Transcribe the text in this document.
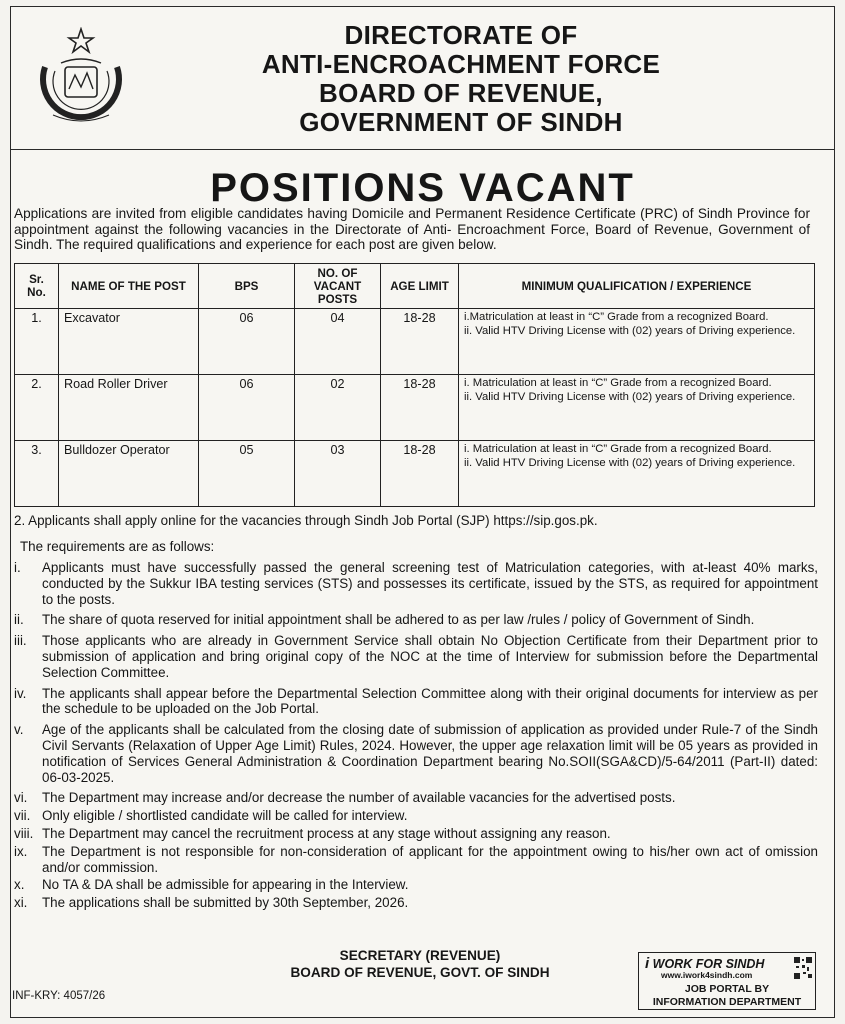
DIRECTORATE OF
ANTI-ENCROACHMENT FORCE
BOARD OF REVENUE,
GOVERNMENT OF SINDH
POSITIONS VACANT
Applications are invited from eligible candidates having Domicile and Permanent Residence Certificate (PRC) of Sindh Province for appointment against the following vacancies in the Directorate of Anti- Encroachment Force, Board of Revenue, Government of Sindh. The required qualifications and experience for each post are given below.
Sr. No.	NAME OF THE POST	BPS	NO. OF VACANT POSTS	AGE LIMIT	MINIMUM QUALIFICATION / EXPERIENCE
1.	Excavator	06	04	18-28	i.Matriculation at least in “C” Grade from a recognized Board.
ii. Valid HTV Driving License with (02) years of Driving experience.

2.	Road Roller Driver	06	02	18-28	i. Matriculation at least in “C” Grade from a recognized Board.
ii. Valid HTV Driving License with (02) years of Driving experience.

3.	Bulldozer Operator	05	03	18-28	i. Matriculation at least in “C” Grade from a recognized Board.
ii. Valid HTV Driving License with (02) years of Driving experience.
2. Applicants shall apply online for the vacancies through Sindh Job Portal (SJP) https://sip.gos.pk.
The requirements are as follows:
i.	Applicants must have successfully passed the general screening test of Matriculation categories, with at-least 40% marks, conducted by the Sukkur IBA testing services (STS) and possesses its certificate, issued by the STS, as required for appointment to the posts.
ii.	The share of quota reserved for initial appointment shall be adhered to as per law /rules / policy of Government of Sindh.
iii.	Those applicants who are already in Government Service shall obtain No Objection Certificate from their Department prior to submission of application and bring original copy of the NOC at the time of Interview for submission before the Departmental Selection Committee.
iv.	The applicants shall appear before the Departmental Selection Committee along with their original documents for interview as per the schedule to be uploaded on the Job Portal.
v.	Age of the applicants shall be calculated from the closing date of submission of application as provided under Rule-7 of the Sindh Civil Servants (Relaxation of Upper Age Limit) Rules, 2024. However, the upper age relaxation limit will be 05 years as provided in notification of Services General Administration & Coordination Department bearing No.SOII(SGA&CD)/5-64/2011 (Part-II) dated: 06-03-2025.
vi.	The Department may increase and/or decrease the number of available vacancies for the advertised posts.
vii. Only eligible / shortlisted candidate will be called for interview.
viii. The Department may cancel the recruitment process at any stage without assigning any reason.
ix.	The Department is not responsible for non-consideration of applicant for the appointment owing to his/her own act of omission and/or commission.
x.	No TA & DA shall be admissible for appearing in the Interview.
xi.	The applications shall be submitted by 30th September, 2026.
SECRETARY (REVENUE)
BOARD OF REVENUE, GOVT. OF SINDH
INF-KRY: 4057/26
i WORK FOR SINDH
www.iwork4sindh.com
JOB PORTAL BY
INFORMATION DEPARTMENT
